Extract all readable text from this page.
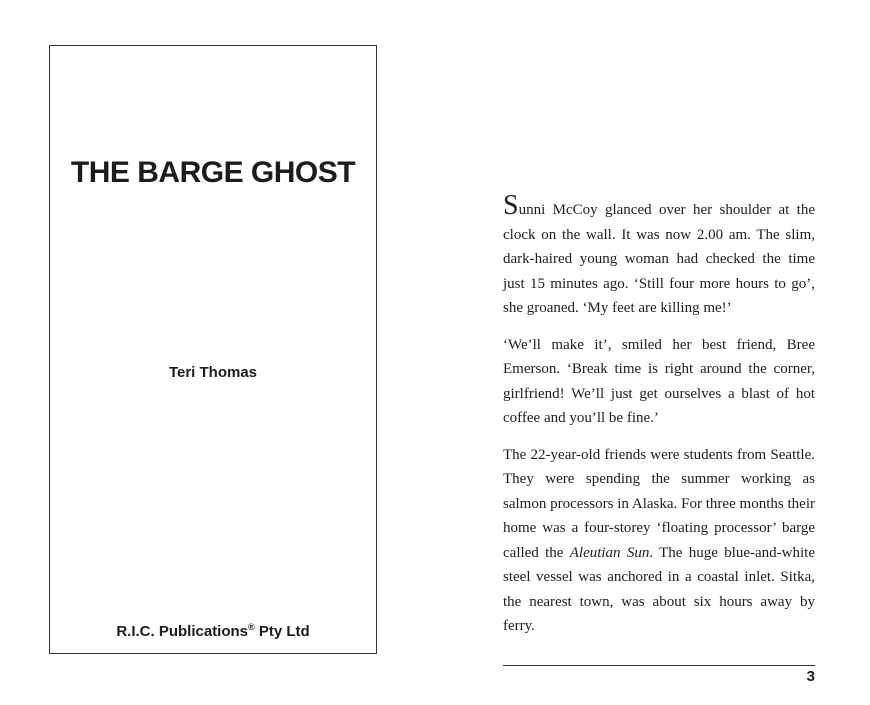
THE BARGE GHOST
Teri Thomas
R.I.C. Publications® Pty Ltd

Sunni McCoy glanced over her shoulder at the clock on the wall. It was now 2.00 am. The slim, dark-haired young woman had checked the time just 15 minutes ago. ‘Still four more hours to go’, she groaned. ‘My feet are killing me!’

‘We’ll make it’, smiled her best friend, Bree Emerson. ‘Break time is right around the corner, girlfriend! We’ll just get ourselves a blast of hot coffee and you’ll be fine.’

The 22-year-old friends were students from Seattle. They were spending the summer working as salmon processors in Alaska. For three months their home was a four-storey ‘floating processor’ barge called the Aleutian Sun. The huge blue-and-white steel vessel was anchored in a coastal inlet. Sitka, the nearest town, was about six hours away by ferry.

3
